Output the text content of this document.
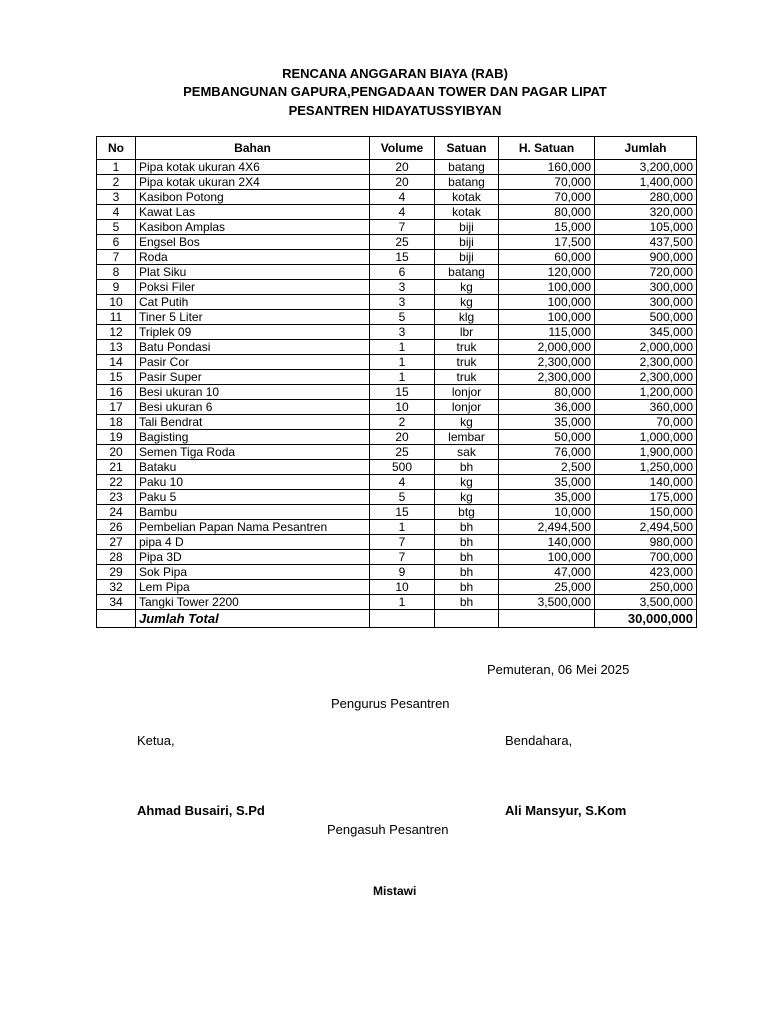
RENCANA ANGGARAN BIAYA (RAB)
PEMBANGUNAN GAPURA,PENGADAAN TOWER DAN PAGAR LIPAT
PESANTREN HIDAYATUSSYIBYAN
No	Bahan	Volume	Satuan	H. Satuan	Jumlah
1	Pipa kotak ukuran 4X6	20	batang	160,000	3,200,000
2	Pipa kotak ukuran 2X4	20	batang	70,000	1,400,000
3	Kasibon Potong	4	kotak	70,000	280,000
4	Kawat Las	4	kotak	80,000	320,000
5	Kasibon Amplas	7	biji	15,000	105,000
6	Engsel Bos	25	biji	17,500	437,500
7	Roda	15	biji	60,000	900,000
8	Plat Siku	6	batang	120,000	720,000
9	Poksi Filer	3	kg	100,000	300,000
10	Cat Putih	3	kg	100,000	300,000
11	Tiner 5 Liter	5	klg	100,000	500,000
12	Triplek 09	3	lbr	115,000	345,000
13	Batu Pondasi	1	truk	2,000,000	2,000,000
14	Pasir Cor	1	truk	2,300,000	2,300,000
15	Pasir Super	1	truk	2,300,000	2,300,000
16	Besi ukuran 10	15	lonjor	80,000	1,200,000
17	Besi ukuran 6	10	lonjor	36,000	360,000
18	Tali Bendrat	2	kg	35,000	70,000
19	Bagisting	20	lembar	50,000	1,000,000
20	Semen Tiga Roda	25	sak	76,000	1,900,000
21	Bataku	500	bh	2,500	1,250,000
22	Paku 10	4	kg	35,000	140,000
23	Paku 5	5	kg	35,000	175,000
24	Bambu	15	btg	10,000	150,000
26	Pembelian Papan Nama Pesantren	1	bh	2,494,500	2,494,500
27	pipa 4 D	7	bh	140,000	980,000
28	Pipa 3D	7	bh	100,000	700,000
29	Sok Pipa	9	bh	47,000	423,000
32	Lem Pipa	10	bh	25,000	250,000
34	Tangki Tower 2200	1	bh	3,500,000	3,500,000
	Jumlah Total				30,000,000
Pemuteran, 06 Mei 2025
Pengurus Pesantren
Ketua,	Bendahara,
Ahmad Busairi, S.Pd	Ali Mansyur, S.Kom
Pengasuh Pesantren
Mistawi
